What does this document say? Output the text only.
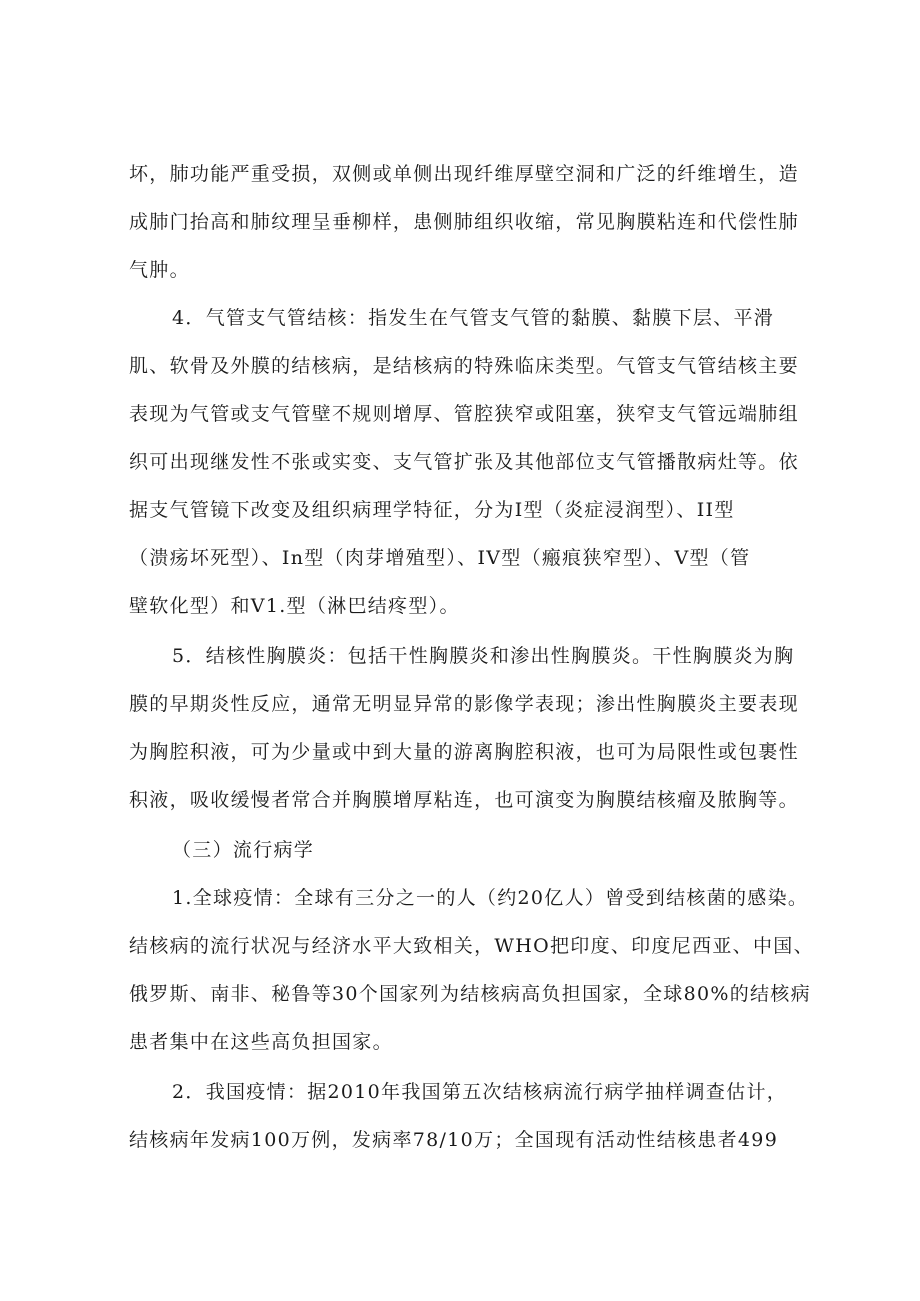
坏，肺功能严重受损，双侧或单侧出现纤维厚壁空洞和广泛的纤维增生，造
成肺门抬高和肺纹理呈垂柳样，患侧肺组织收缩，常见胸膜粘连和代偿性肺
气肿。
4．气管支气管结核：指发生在气管支气管的黏膜、黏膜下层、平滑
肌、软骨及外膜的结核病，是结核病的特殊临床类型。气管支气管结核主要
表现为气管或支气管壁不规则增厚、管腔狭窄或阻塞，狭窄支气管远端肺组
织可出现继发性不张或实变、支气管扩张及其他部位支气管播散病灶等。依
据支气管镜下改变及组织病理学特征，分为Ⅰ型（炎症浸润型）、II型
（溃疡坏死型）、In型（肉芽增殖型）、IV型（瘢痕狭窄型）、V型（管
壁软化型）和V1.型（淋巴结疼型）。
5．结核性胸膜炎：包括干性胸膜炎和渗出性胸膜炎。干性胸膜炎为胸
膜的早期炎性反应，通常无明显异常的影像学表现；渗出性胸膜炎主要表现
为胸腔积液，可为少量或中到大量的游离胸腔积液，也可为局限性或包裹性
积液，吸收缓慢者常合并胸膜增厚粘连，也可演变为胸膜结核瘤及脓胸等。
（三）流行病学
1.全球疫情：全球有三分之一的人（约20亿人）曾受到结核菌的感染。
结核病的流行状况与经济水平大致相关，WHO把印度、印度尼西亚、中国、
俄罗斯、南非、秘鲁等30个国家列为结核病高负担国家，全球80%的结核病
患者集中在这些高负担国家。
2．我国疫情：据2010年我国第五次结核病流行病学抽样调查估计，
结核病年发病100万例，发病率78/10万；全国现有活动性结核患者499
